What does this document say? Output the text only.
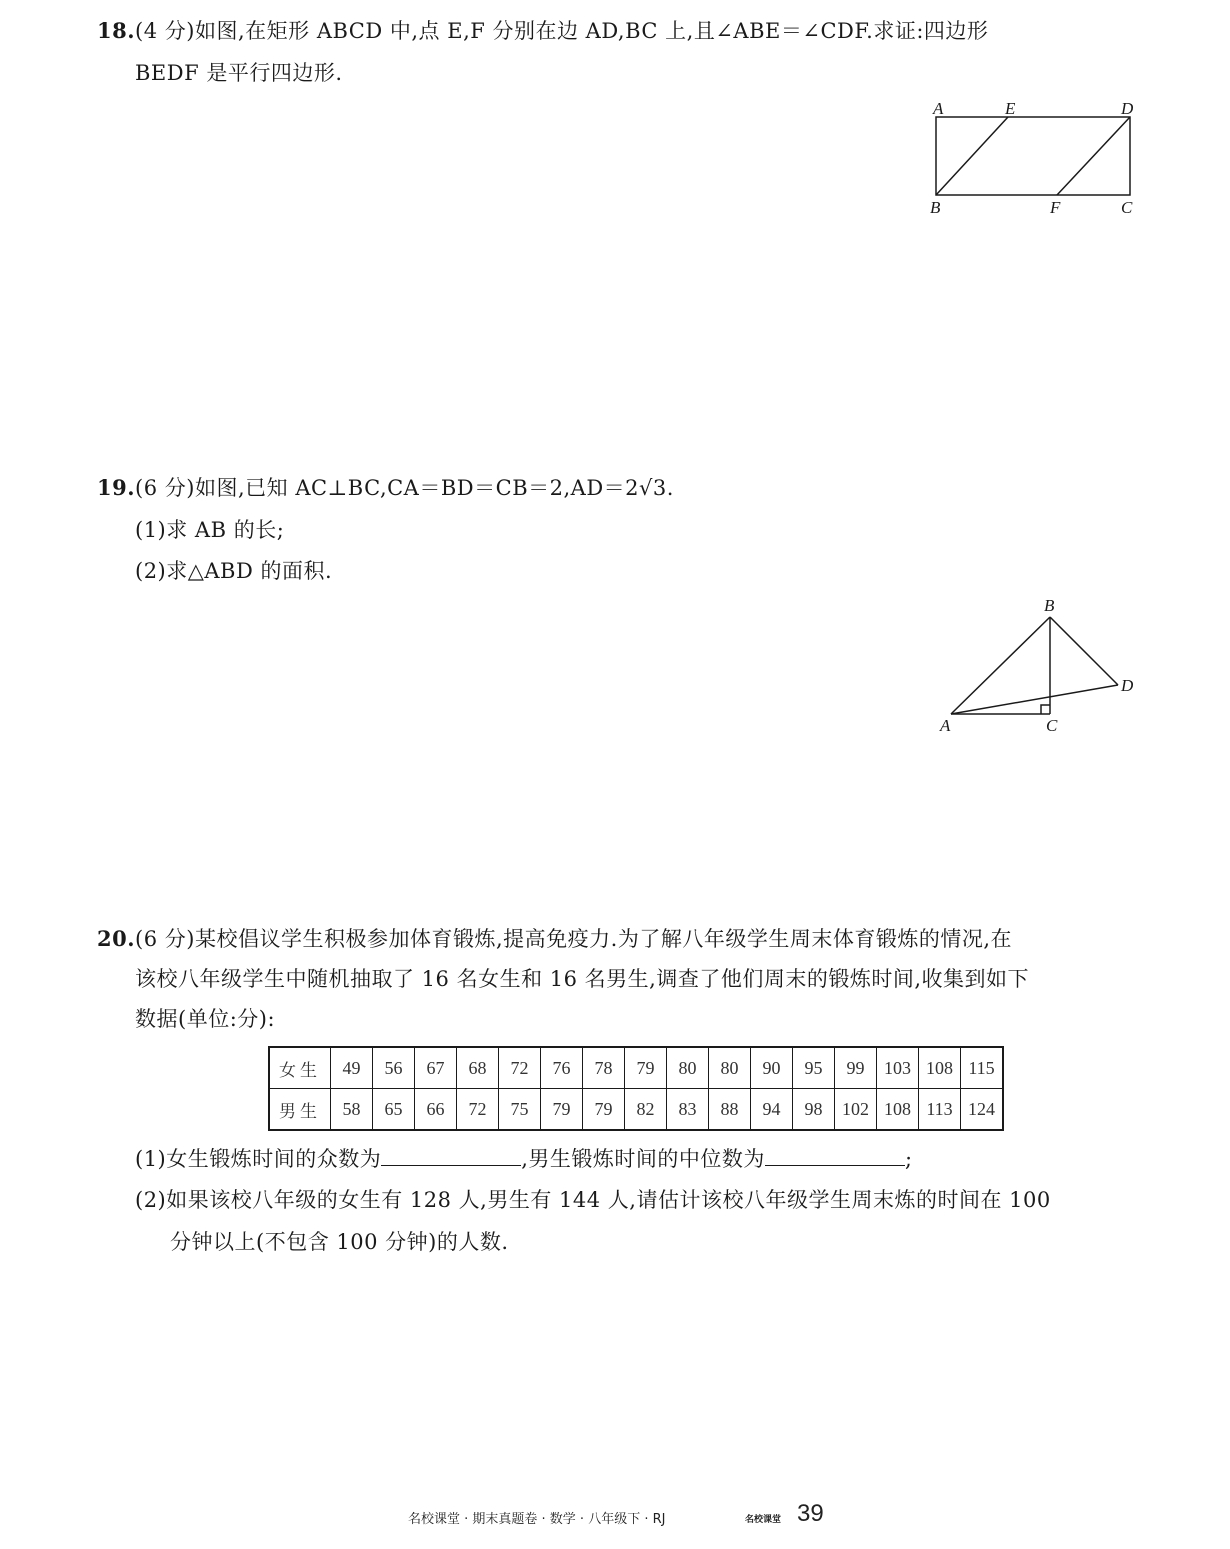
18.(4 分)如图,在矩形 ABCD 中,点 E,F 分别在边 AD,BC 上,且∠ABE＝∠CDF.求证:四边形
BEDF 是平行四边形.
A	E	D
B	F	C
19.(6 分)如图,已知 AC⊥BC,CA＝BD＝CB＝2,AD＝2√3.
(1)求 AB 的长;
(2)求△ABD 的面积.
B
D
A	C
20.(6 分)某校倡议学生积极参加体育锻炼,提高免疫力.为了解八年级学生周末体育锻炼的情况,在
该校八年级学生中随机抽取了 16 名女生和 16 名男生,调查了他们周末的锻炼时间,收集到如下
数据(单位:分):
女生	49	56	67	68	72	76	78	79	80	80	90	95	99	103	108	115
男生	58	65	66	72	75	79	79	82	83	88	94	98	102	108	113	124
(1)女生锻炼时间的众数为	,男生锻炼时间的中位数为	;
(2)如果该校八年级的女生有 128 人,男生有 144 人,请估计该校八年级学生周末炼的时间在 100
分钟以上(不包含 100 分钟)的人数.
名校课堂 · 期末真题卷 · 数学 · 八年级下 · RJ	名校课堂 39
